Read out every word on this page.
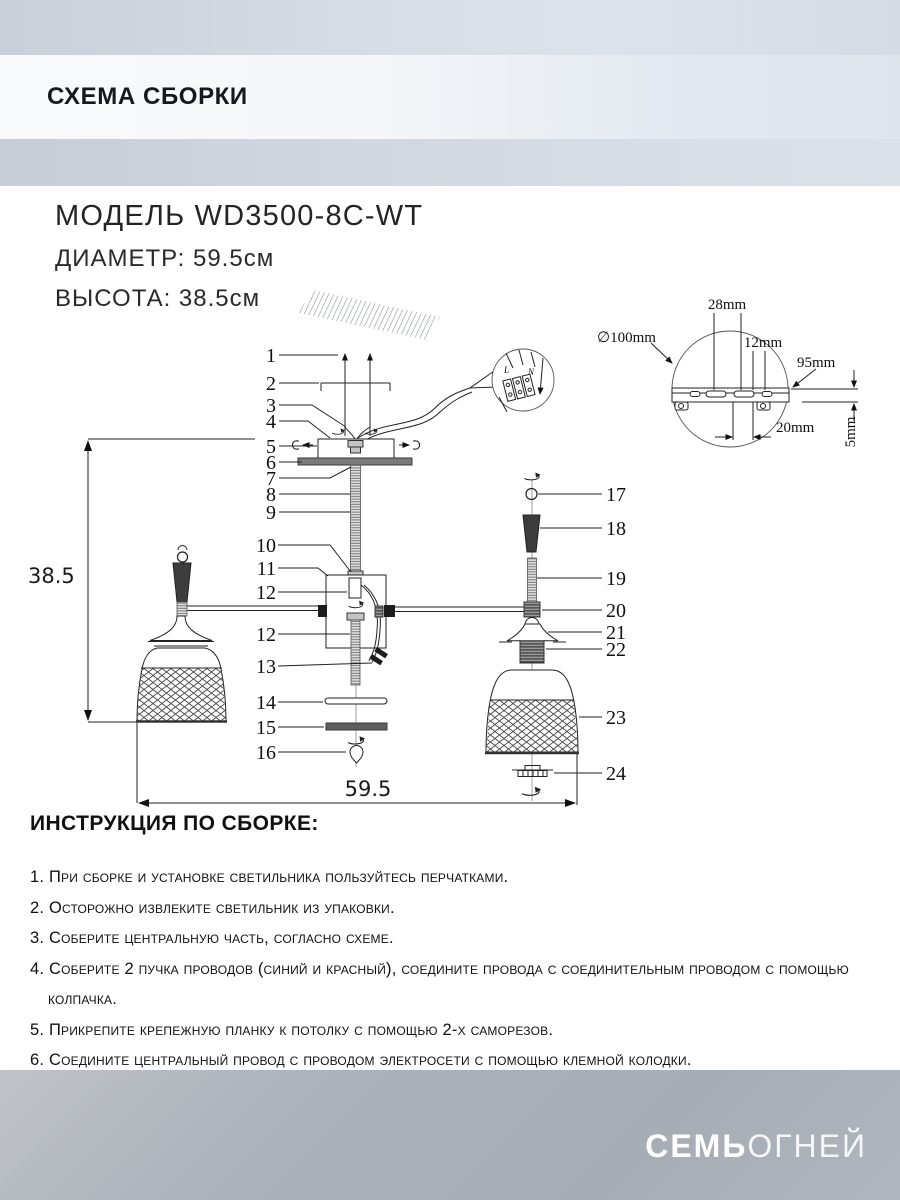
СХЕМА СБОРКИ
МОДЕЛЬ WD3500-8C-WT
ДИАМЕТР: 59.5см
ВЫСОТА: 38.5см
L N
38.5
59.5
1
2
3
4
5
6
7
8
9
10
11
12
12
13
14
15
16
17
18
19
20
21
22
23
24
28mm
12mm
∅100mm
95mm
20mm 5mm
ИНСТРУКЦИЯ ПО СБОРКЕ:
1. При сборке и установке светильника пользуйтесь перчатками.
2. Осторожно извлеките светильник из упаковки.
3. Соберите центральную часть, согласно схеме.
4. Соберите 2 пучка проводов (синий и красный), соедините провода с соединительным проводом с помощью колпачка.
5. Прикрепите крепежную планку к потолку с помощью 2-х саморезов.
6. Соедините центральный провод с проводом электросети с помощью клемной колодки.
СЕМЬОГНЕЙ
